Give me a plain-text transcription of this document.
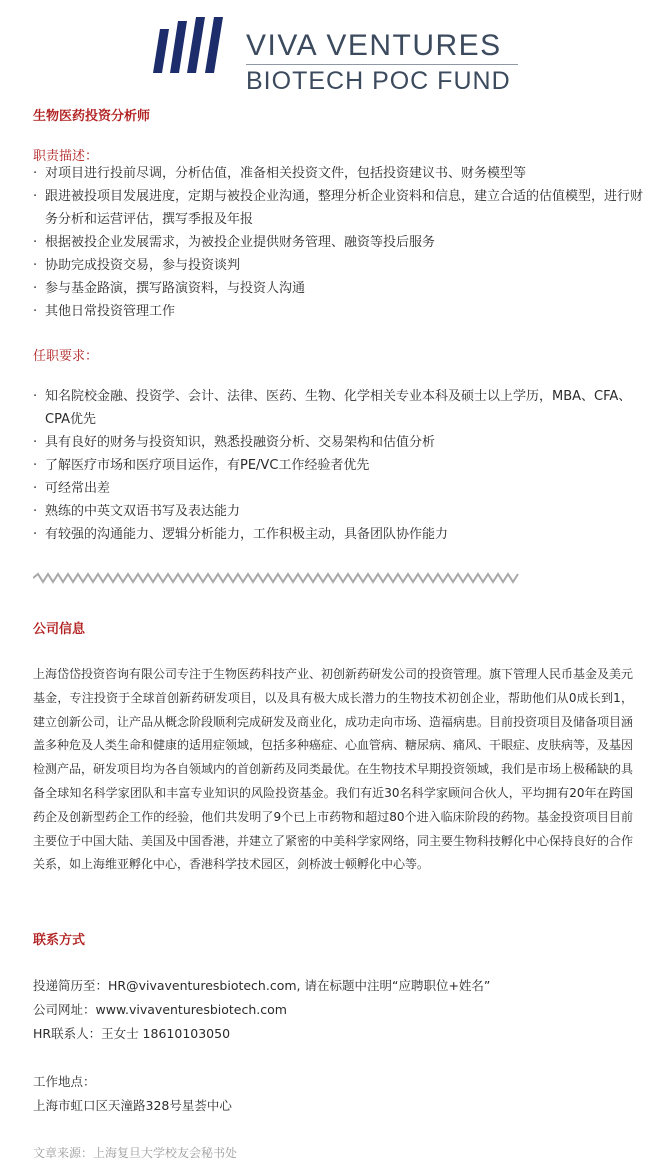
VIVA VENTURES
BIOTECH POC FUND
生物医药投资分析师
职责描述：
· 对项目进行投前尽调，分析估值，准备相关投资文件，包括投资建议书、财务模型等
· 跟进被投项目发展进度，定期与被投企业沟通，整理分析企业资料和信息，建立合适的估值模型，进行财务分析和运营评估，撰写季报及年报
· 根据被投企业发展需求，为被投企业提供财务管理、融资等投后服务
· 协助完成投资交易，参与投资谈判
· 参与基金路演，撰写路演资料，与投资人沟通
· 其他日常投资管理工作
任职要求：
· 知名院校金融、投资学、会计、法律、医药、生物、化学相关专业本科及硕士以上学历，MBA、CFA、CPA优先
· 具有良好的财务与投资知识，熟悉投融资分析、交易架构和估值分析
· 了解医疗市场和医疗项目运作，有PE/VC工作经验者优先
· 可经常出差
· 熟练的中英文双语书写及表达能力
· 有较强的沟通能力、逻辑分析能力，工作积极主动，具备团队协作能力
公司信息
上海岱岱投资咨询有限公司专注于生物医药科技产业、初创新药研发公司的投资管理。旗下管理人民币基金及美元基金，专注投资于全球首创新药研发项目，以及具有极大成长潜力的生物技术初创企业，帮助他们从0成长到1，建立创新公司，让产品从概念阶段顺利完成研发及商业化，成功走向市场、造福病患。目前投资项目及储备项目涵盖多种危及人类生命和健康的适用症领域，包括多种癌症、心血管病、糖尿病、痛风、干眼症、皮肤病等，及基因检测产品，研发项目均为各自领域内的首创新药及同类最优。在生物技术早期投资领域，我们是市场上极稀缺的具备全球知名科学家团队和丰富专业知识的风险投资基金。我们有近30名科学家顾问合伙人，平均拥有20年在跨国药企及创新型药企工作的经验，他们共发明了9个已上市药物和超过80个进入临床阶段的药物。基金投资项目目前主要位于中国大陆、美国及中国香港，并建立了紧密的中美科学家网络，同主要生物科技孵化中心保持良好的合作关系，如上海维亚孵化中心，香港科学技术园区，剑桥波士顿孵化中心等。
联系方式
投递简历至：HR@vivaventuresbiotech.com, 请在标题中注明“应聘职位+姓名”
公司网址：www.vivaventuresbiotech.com
HR联系人：王女士 18610103050
工作地点：
上海市虹口区天潼路328号星荟中心
文章来源：上海复旦大学校友会秘书处
